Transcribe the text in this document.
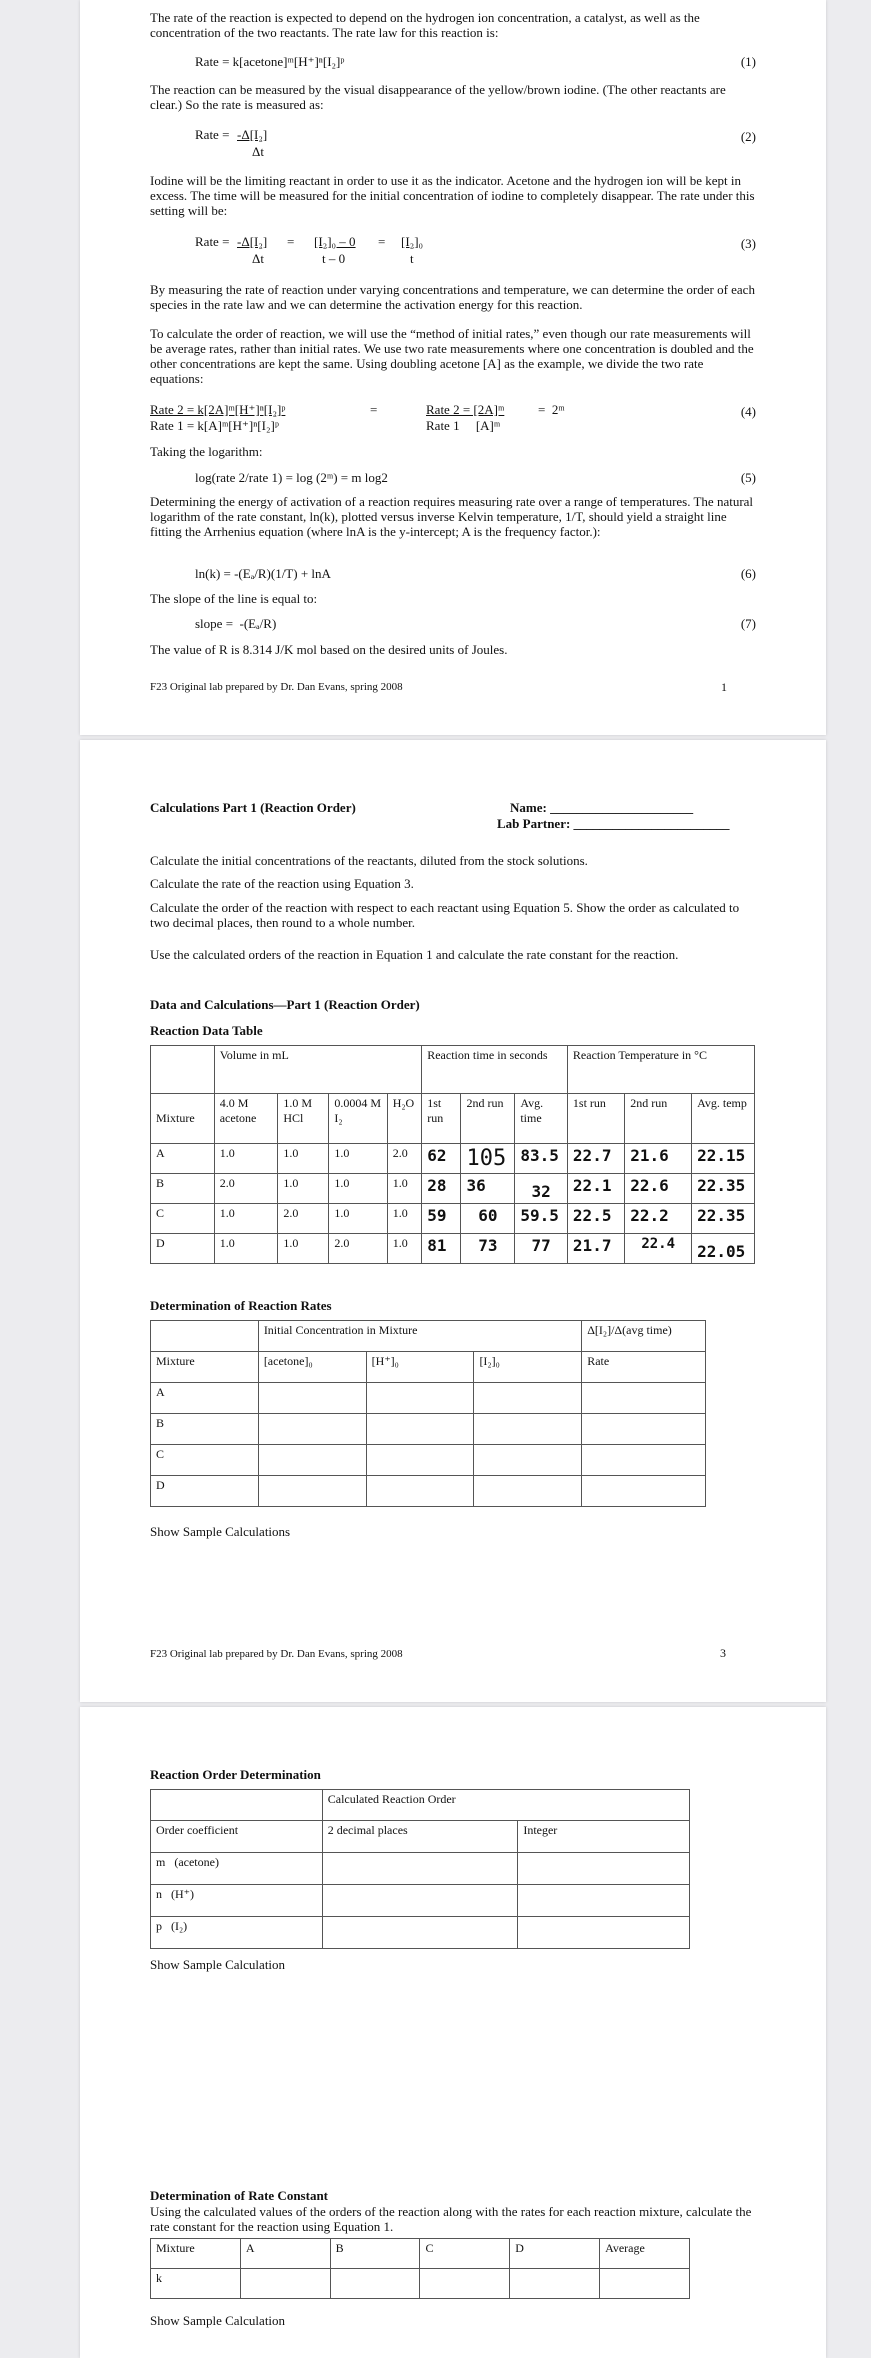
The rate of the reaction is expected to depend on the hydrogen ion concentration, a catalyst, as well as the concentration of the two reactants. The rate law for this reaction is:

Rate = k[acetone]ᵐ[H⁺]ⁿ[I₂]ᵖ	(1)

The reaction can be measured by the visual disappearance of the yellow/brown iodine. (The other reactants are clear.) So the rate is measured as:

Rate = -Δ[I₂]
Δt
(2)

Iodine will be the limiting reactant in order to use it as the indicator. Acetone and the hydrogen ion will be kept in excess. The time will be measured for the initial concentration of iodine to completely disappear. The rate under this setting will be:

Rate = -Δ[I₂]
Δt
= [I₂]₀ – 0
t – 0
= [I₂]₀
t
(3)

By measuring the rate of reaction under varying concentrations and temperature, we can determine the order of each species in the rate law and we can determine the activation energy for this reaction.

To calculate the order of reaction, we will use the “method of initial rates,” even though our rate measurements will be average rates, rather than initial rates. We use two rate measurements where one concentration is doubled and the other concentrations are kept the same. Using doubling acetone [A] as the example, we divide the two rate equations:

Rate 2 = k[2A]ᵐ[H⁺]ⁿ[I₂]ᵖ
Rate 1 = k[A]ᵐ[H⁺]ⁿ[I₂]ᵖ
=	Rate 2 = [2A]ᵐ
Rate 1     [A]ᵐ
=  2ᵐ	(4)

Taking the logarithm:

log(rate 2/rate 1) = log (2ᵐ) = m log2	(5)

Determining the energy of activation of a reaction requires measuring rate over a range of temperatures. The natural logarithm of the rate constant, ln(k), plotted versus inverse Kelvin temperature, 1/T, should yield a straight line fitting the Arrhenius equation (where lnA is the y-intercept; A is the frequency factor.):

ln(k) = -(Eₐ/R)(1/T) + lnA	(6)

The slope of the line is equal to:

slope =  -(Eₐ/R)	(7)

The value of R is 8.314 J/K mol based on the desired units of Joules.

F23 Original lab prepared by Dr. Dan Evans, spring 2008	1
Calculations Part 1 (Reaction Order)	Name: ______________________
Lab Partner: ________________________

Calculate the initial concentrations of the reactants, diluted from the stock solutions.

Calculate the rate of the reaction using Equation 3.

Calculate the order of the reaction with respect to each reactant using Equation 5. Show the order as calculated to two decimal places, then round to a whole number.

Use the calculated orders of the reaction in Equation 1 and calculate the rate constant for the reaction.

Data and Calculations—Part 1 (Reaction Order)
Reaction Data Table
	Volume in mL				Reaction time in seconds			Reaction Temperature in °C		
Mixture	4.0 M acetone	1.0 M HCl	0.0004 M I₂	H₂O	1st run	2nd run	Avg. time	1st run	2nd run	Avg. temp
A	1.0	1.0	1.0	2.0	62	105	83.5	22.7	21.6	22.15
B	2.0	1.0	1.0	1.0	28	36	32	22.1	22.6	22.35
C	1.0	2.0	1.0	1.0	59	60	59.5	22.5	22.2	22.35
D	1.0	1.0	2.0	1.0	81	73	77	21.7	22.4	22.05
Determination of Reaction Rates
	Initial Concentration in Mixture			Δ[I₂]/Δ(avg time)
Mixture	[acetone]₀	[H⁺]₀	[I₂]₀	Rate
A				
B				
C				
D				

Show Sample Calculations

F23 Original lab prepared by Dr. Dan Evans, spring 2008	3
Reaction Order Determination
	Calculated Reaction Order	
Order coefficient	2 decimal places	Integer
m   (acetone)		
n   (H⁺)		
p   (I₂)		

Show Sample Calculation

Determination of Rate Constant

Using the calculated values of the orders of the reaction along with the rates for each reaction mixture, calculate the rate constant for the reaction using Equation 1.

Mixture	A	B	C	D	Average
k					

Show Sample Calculation
